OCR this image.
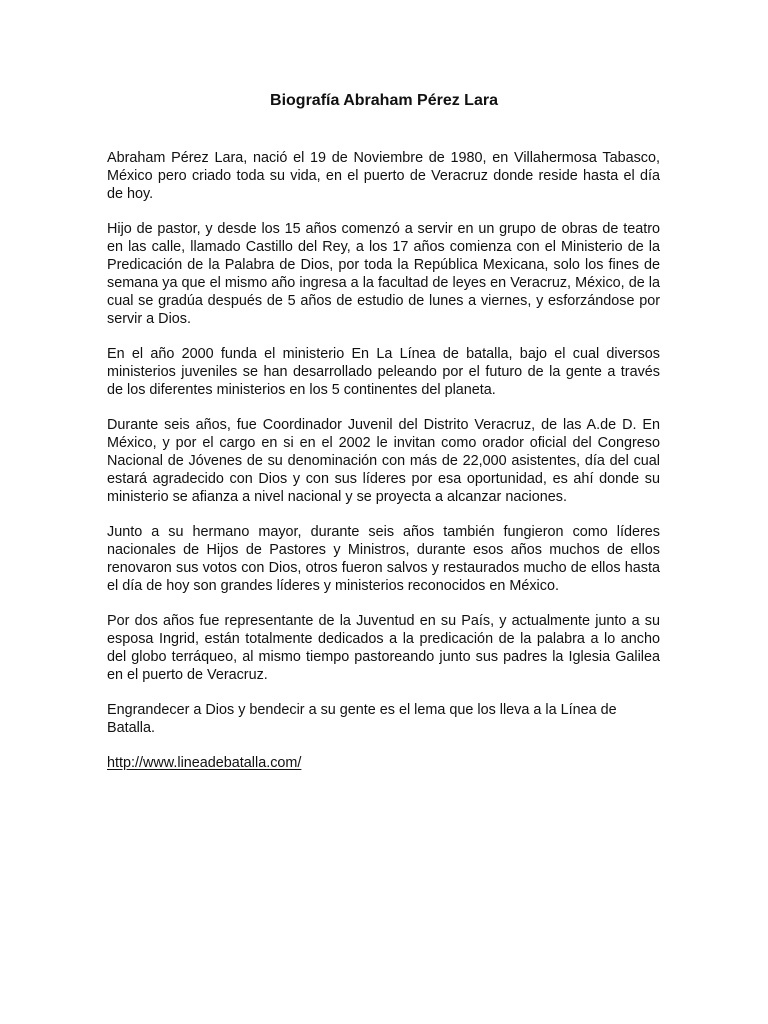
Biografía Abraham Pérez Lara

Abraham Pérez Lara, nació el 19 de Noviembre de 1980, en Villahermosa Tabasco, México pero criado toda su vida, en el puerto de Veracruz donde reside hasta el día de hoy.

Hijo de pastor, y desde los 15 años comenzó a servir en un grupo de obras de teatro en las calle, llamado Castillo del Rey, a los 17 años comienza con el Ministerio de la Predicación de la Palabra de Dios, por toda la República Mexicana, solo los fines de semana ya que el mismo año ingresa a la facultad de leyes en Veracruz, México, de la cual se gradúa después de 5 años de estudio de lunes a viernes, y esforzándose por servir a Dios.

En el año 2000 funda el ministerio En La Línea de batalla, bajo el cual diversos ministerios juveniles se han desarrollado peleando por el futuro de la gente a través de los diferentes ministerios en los 5 continentes del planeta.

Durante seis años, fue Coordinador Juvenil del Distrito Veracruz, de las A.de D. En México, y por el cargo en si en el 2002 le invitan como orador oficial del Congreso Nacional de Jóvenes de su denominación con más de 22,000 asistentes, día del cual estará agradecido con Dios y con sus líderes por esa oportunidad, es ahí donde su ministerio se afianza a nivel nacional y se proyecta a alcanzar naciones.

Junto a su hermano mayor, durante seis años también fungieron como líderes nacionales de Hijos de Pastores y Ministros, durante esos años muchos de ellos renovaron sus votos con Dios, otros fueron salvos y restaurados mucho de ellos hasta el día de hoy son grandes líderes y ministerios reconocidos en México.

Por dos años fue representante de la Juventud en su País, y actualmente junto a su esposa Ingrid, están totalmente dedicados a la predicación de la palabra a lo ancho del globo terráqueo, al mismo tiempo pastoreando junto sus padres la Iglesia Galilea en el puerto de Veracruz.

Engrandecer a Dios y bendecir a su gente es el lema que los lleva a la Línea de Batalla.

http://www.lineadebatalla.com/
